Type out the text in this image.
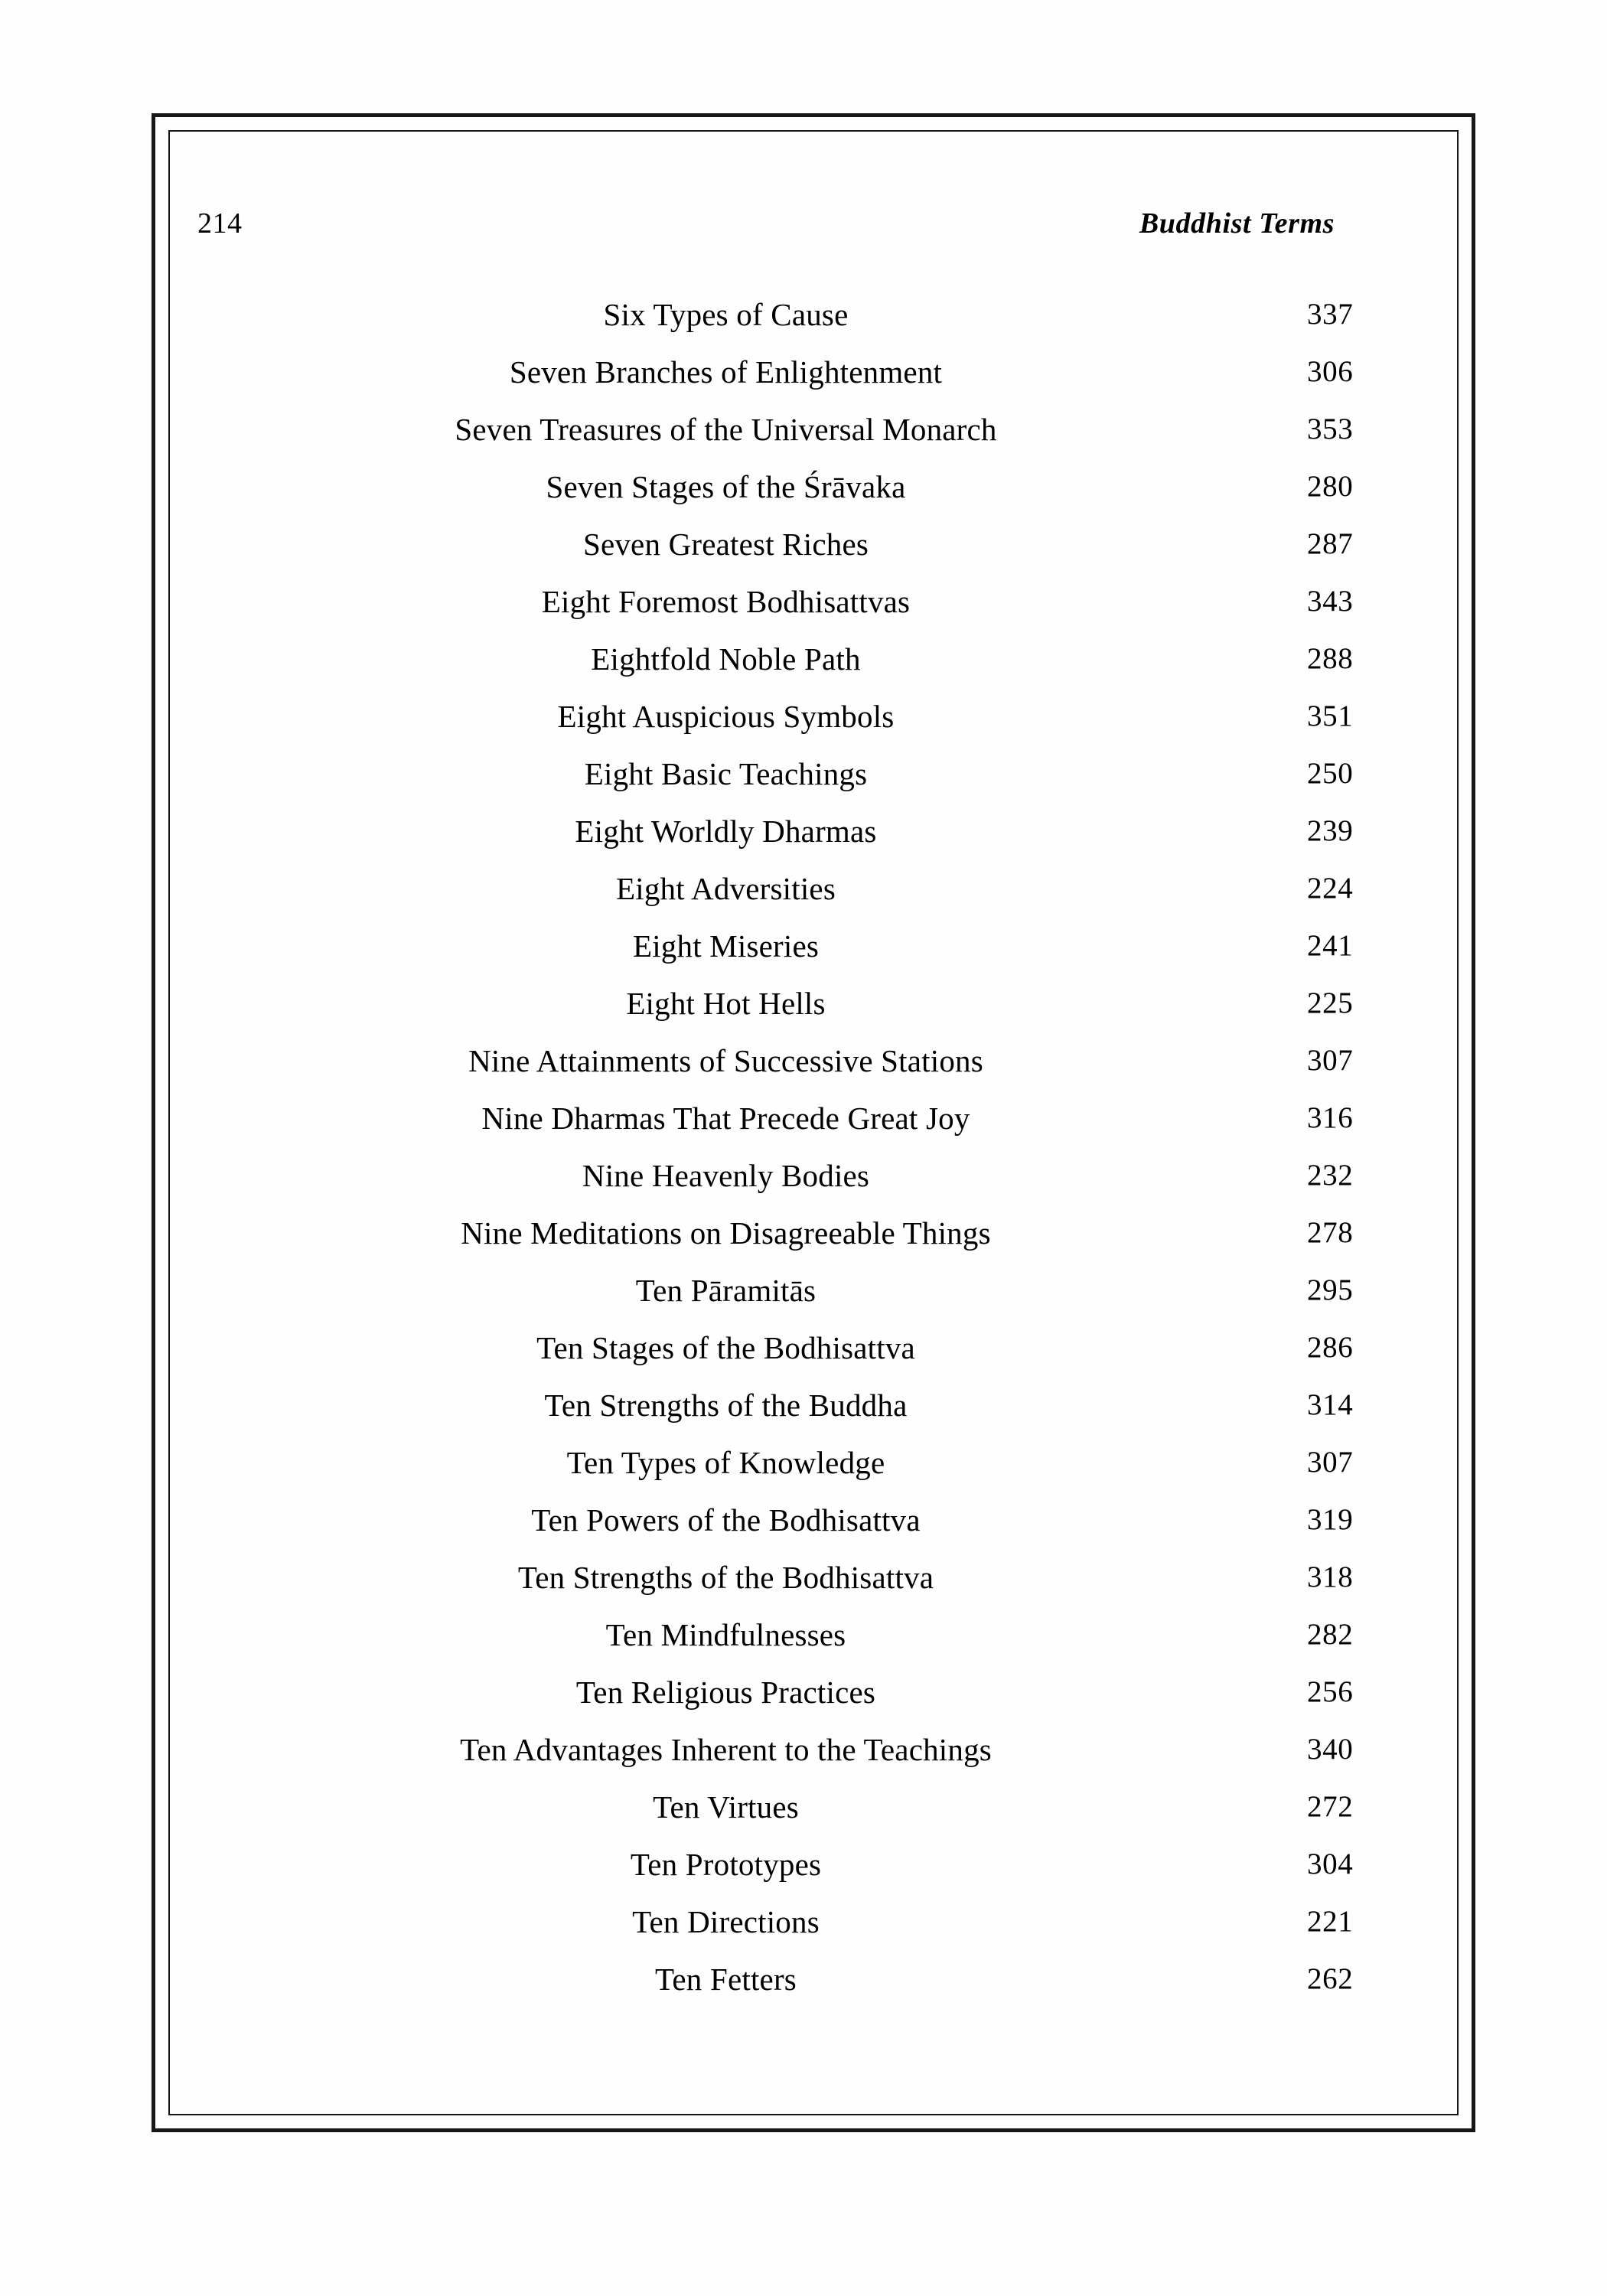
214	Buddhist Terms
Six Types of Cause	337
Seven Branches of Enlightenment	306
Seven Treasures of the Universal Monarch	353
Seven Stages of the Śrāvaka	280
Seven Greatest Riches	287
Eight Foremost Bodhisattvas	343
Eightfold Noble Path	288
Eight Auspicious Symbols	351
Eight Basic Teachings	250
Eight Worldly Dharmas	239
Eight Adversities	224
Eight Miseries	241
Eight Hot Hells	225
Nine Attainments of Successive Stations	307
Nine Dharmas That Precede Great Joy	316
Nine Heavenly Bodies	232
Nine Meditations on Disagreeable Things	278
Ten Pāramitās	295
Ten Stages of the Bodhisattva	286
Ten Strengths of the Buddha	314
Ten Types of Knowledge	307
Ten Powers of the Bodhisattva	319
Ten Strengths of the Bodhisattva	318
Ten Mindfulnesses	282
Ten Religious Practices	256
Ten Advantages Inherent to the Teachings	340
Ten Virtues	272
Ten Prototypes	304
Ten Directions	221
Ten Fetters	262
